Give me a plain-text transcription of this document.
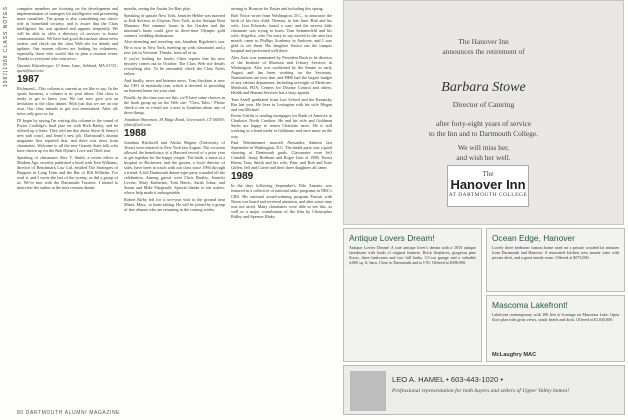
1987|1988 CLASS NOTES	computer members are focusing on the development and implementation of strategies for intelligence and preventing mass casualties. The group is also considering our class's role in homeland security, and is aware that the Class intelligence list was updated and appears frequently. We will be able to offer a directory of services to house communications. We have had good discussions about news stories, and check out the class Web site for details and updates. Our current officers are looking for volunteers, especially those who would like to plan a reunion event. Thanks to everyone who sent news.

Quentin Kittenberger, 13 Some Lane, Ashland, MA 01721; quent@aol.com

1987

Richmond—This column is current as we like to say. In the sports business, a column is in your inbox. Our class is ready to get to know you. We can now give you an invitation to the class dinner. With just that we are on our own. Our class intends to get you entertained. After all, news only goes so far.

I'll begin by saying I'm writing this column to the sound of Porter Coolidge's final jazz set with Rich Bailey, and he offered up a letter. They told me this about Steve & Jenny's new pub crawl, and Jenny's new job. Dartmouth's alumni magazine first reported that, and there was news from classmates. Welcome to all the new Granite State folk who have shown up for the Bob Dylan's Love and Theft tour.

Speaking of classmates Alex V. Smith, a recent editor at Modern Age, recently published a book with Tom Williams, director of Benchmark Law Ltd, entitled The Strategies of Burgeon in Long Term and the Bar of Bill Wilhelm. I've read it, and I wrote the last of the twenty, as did a group of us. We've met with the Dartmouth Trustees. I intend to interview the author at the next reunion dinner.

months, seeing the Austin Ice Bats play.

Speaking of upstate New York, Jennifer Hebbe was married to Erik Soviero, in Clayton, New York, in the Antique Boat Museum. Hot summer hours in the Garden and the museum's boats could give us three-time Olympic gold winners' wedding destination.

Also attending and traveling was Jonathan Rigoletto's son. He is now in New York, meeting up with classmates and a new job in Vermont. Thanks, from all of us.

If you're looking for books, Chris reports that his new mystery comes out in October. The Class Web site details everything else. To be reminded, check the Class Notes online.

And finally, news and Internet news. Tom Stockton is now the CEO of myfamily.com, which is devoted to providing an Internet home for your clan.

Finally, by the time you see this, we'll have some choices in the book group up on the Web site: "Class Tales." Please check it out or e-mail me a note to Jonathan about any of those things.

Jonathan Shireman, 18 Ridge Road, Greenwich, CT 06830; jshire@aol.com

1988

Jonathan Ritchwell and Alisha Wagner (University of Texas) were married in New York last August. The occasion allowed the beneficiary of a Harvard record of a prior year to get together for the happy couple. The bride, a nurse at a hospital in Rochester, and the groom, a local director of sales, have been in touch with our class since 1994 through a friend. A full Dartmouth dinner-type party rounded off the celebration. Among guests were Chris Bartley, Jennifer Levine, Mary Katherine, Tom Harris, Sarah Johns, and Susan and Mike Fitzgerald. Special thanks to the ushers, whose help made it unforgettable.

Robert Kirby left for a two-year visit in the ground near Minot, Mass., to learn sailing. He will be joined by a group of fine alumni who are returning in the coming weeks.

turning to Houston for Easter and including this spring.

Bob Victor wrote from Washington, D.C., to announce the birth of his first child, Thomas, in late June. Bob and his wife, Lisa Edwards, found a cure, and the newest little classmate was trying to learn. Tom Sommerfeld and his wife, Angelica, who I'm sorry to say moved to the area last month, came to Phillips Academy in Andover, and I was glad to see them. His daughter Jessica ran the campus hospital and performed well there.

Alex Axer was nominated by President Bush to be director of the Institute of Museum and Library Services in Washington. Alex was confirmed by the Senate in early August and has been working on the Secretary. Nominations are now due, and HHS had the largest budget of any cabinet department. Including oversight of Medicare, Medicaid, FDA, Centers for Disease Control and others, Health and Human Services has a busy agenda.

Tom Axtell graduated from Law School and the Kentucky Bar last year. He lives in Lexington with his wife Megan and son Michael.

Kevin Griffin is reading mortgages for Bank of America in Charlotte, North Carolina. He and his wife and Goldman Sachs are happy to return Charlotte news. He is still working as a bond trader at Goldman, and once more on the way.

Paul Weinhammer married Alexandra Salmon last September in Washington, D.C. The bridal party was a good showing of Dartmouth grads. Classmates were Jeff Crandall, Jenny Hoffman and Roger Linn of 1988, Teresa Breen, Tony Smith and his wife, Pam, and Rob and Kate Giffen. Jeff and Carrie and their three daughters all came.

1989

In the days following September's Nilo Antonio was featured in a collective of national radio programs in NBC's CBS. His national award-winning program Pursuit with Norm was heard and received attention, and after some time was not aired. Many classmates were able to see this, as well as a major contribution of the film by Christopher Ridley and Spencer Blake.

80 DARTMOUTH ALUMNI MAGAZINE
The Hanover Inn
announces the retirement of
Barbara Stowe
Director of Catering
after forty-eight years of service
to the Inn and to Dartmouth College.
We will miss her,
and wish her well.
The
Hanover Inn
AT DARTMOUTH COLLEGE
Antique Lovers Dream!

Antique Lovers Dream! A true antique lover's dream with a 1810 antique farmhouse with loads of original features. Brick fireplaces, gorgeous pine floors, three bedrooms and two full baths, 3.5-car garage and a valuable 4,000 sq. ft. barn. Close to Dartmouth and to I-91. Offered at $398,000.

Ocean Edge, Hanover

Lovely three bedroom custom home sited on a private wooded lot minutes from Dartmouth and Hanover. A renovated kitchen, new master suite with private deck, and a great family room. Offered at $575,000.

Mascoma Lakefront!

Lakefront contemporary with 180 feet of frontage on Mascoma Lake. Open floor plan with great views, sandy beach and dock. Offered at $1,045,000.

McLaughry MAC
LEO A. HAMEL • 603-443-1020 •
Professional representation for both buyers and sellers of Upper Valley homes!
